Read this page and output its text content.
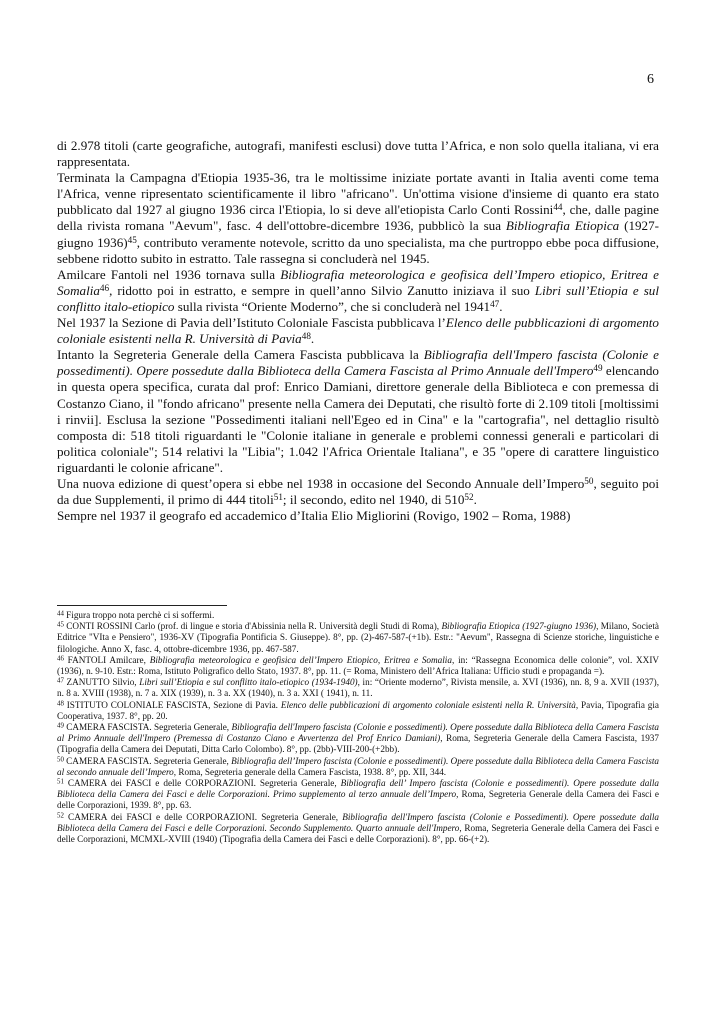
6

di 2.978 titoli (carte geografiche, autografi, manifesti esclusi) dove tutta l’Africa, e non solo quella italiana, vi era rappresentata.

Terminata la Campagna d'Etiopia 1935-36, tra le moltissime iniziate portate avanti in Italia aventi come tema l'Africa, venne ripresentato scientificamente il libro "africano". Un'ottima visione d'insieme di quanto era stato pubblicato dal 1927 al giugno 1936 circa l'Etiopia, lo si deve all'etiopista Carlo Conti Rossini$^{44}$, che, dalle pagine della rivista romana "Aevum", fasc. 4 dell'ottobre-dicembre 1936, pubblicò la sua Bibliografia Etiopica (1927-giugno 1936)$^{45}$, contributo veramente notevole, scritto da uno specialista, ma che purtroppo ebbe poca diffusione, sebbene ridotto subito in estratto. Tale rassegna si concluderà nel 1945.

Amilcare Fantoli nel 1936 tornava sulla Bibliografia meteorologica e geofisica dell’Impero etiopico, Eritrea e Somalia$^{46}$, ridotto poi in estratto, e sempre in quell’anno Silvio Zanutto iniziava il suo Libri sull’Etiopia e sul conflitto italo-etiopico sulla rivista “Oriente Moderno”, che si concluderà nel 1941$^{47}$.

Nel 1937 la Sezione di Pavia dell’Istituto Coloniale Fascista pubblicava l’Elenco delle pubblicazioni di argomento coloniale esistenti nella R. Università di Pavia$^{48}$.

Intanto la Segreteria Generale della Camera Fascista pubblicava la Bibliografia dell'Impero fascista (Colonie e possedimenti). Opere possedute dalla Biblioteca della Camera Fascista al Primo Annuale dell'Impero$^{49}$ elencando in questa opera specifica, curata dal prof: Enrico Damiani, direttore generale della Biblioteca e con premessa di Costanzo Ciano, il "fondo africano" presente nella Camera dei Deputati, che risultò forte di 2.109 titoli [moltissimi i rinvii]. Esclusa la sezione "Possedimenti italiani nell'Egeo ed in Cina" e la "cartografia", nel dettaglio risultò composta di: 518 titoli riguardanti le "Colonie italiane in generale e problemi connessi generali e particolari di politica coloniale"; 514 relativi la "Libia"; 1.042 l'Africa Orientale Italiana", e 35 "opere di carattere linguistico riguardanti le colonie africane".

Una nuova edizione di quest’opera si ebbe nel 1938 in occasione del Secondo Annuale dell’Impero$^{50}$, seguito poi da due Supplementi, il primo di 444 titoli$^{51}$; il secondo, edito nel 1940, di $510^{52}$.

Sempre nel 1937 il geografo ed accademico d’Italia Elio Migliorini (Rovigo, 1902 – Roma, 1988)

$^{44}$ Figura troppo nota perchè ci si soffermi.

$^{45}$ CONTI ROSSINI Carlo (prof. di lingue e storia d'Abissinia nella R. Università degli Studi di Roma), Bibliografia Etiopica (1927-giugno 1936), Milano, Società Editrice "VIta e Pensiero", 1936-XV (Tipografia Pontificia S. Giuseppe). 8°, pp. (2)-467-587-(+1b). Estr.: "Aevum", Rassegna di Scienze storiche, linguistiche e filologiche. Anno X, fasc. 4, ottobre-dicembre 1936, pp. 467-587.

$^{46}$ FANTOLI Amilcare, Bibliografia meteorologica e geofisica dell’Impero Etiopico, Eritrea e Somalia, in: “Rassegna Economica delle colonie”, vol. XXIV (1936), n. 9-10. Estr.: Roma, Istituto Poligrafico dello Stato, 1937. 8°, pp. 11. (= Roma, Ministero dell’Africa Italiana: Ufficio studi e propaganda =).

$^{47}$ ZANUTTO Silvio, Libri sull’Etiopia e sul conflitto italo-etiopico (1934-1940), in: “Oriente moderno”, Rivista mensile, a. XVI (1936), nn. 8, 9 a. XVII (1937), n. 8 a. XVIII (1938), n. 7 a. XIX (1939), n. 3 a. XX (1940), n. 3 a. XXI ( 1941), n. 11.

$^{48}$ ISTITUTO COLONIALE FASCISTA, Sezione di Pavia. Elenco delle pubblicazioni di argomento coloniale esistenti nella R. Università, Pavia, Tipografia gia Cooperativa, 1937. 8°, pp. 20.

$^{49}$ CAMERA FASCISTA. Segreteria Generale, Bibliografia dell'Impero fascista (Colonie e possedimenti). Opere possedute dalla Biblioteca della Camera Fascista al Primo Annuale dell'Impero (Premessa di Costanzo Ciano e Avvertenza del Prof Enrico Damiani), Roma, Segreteria Generale della Camera Fascista, 1937 (Tipografia della Camera dei Deputati, Ditta Carlo Colombo). 8°, pp. (2bb)-VIII-200-(+2bb).

$^{50}$ CAMERA FASCISTA. Segreteria Generale, Bibliografia dell’Impero fascista (Colonie e possedimenti). Opere possedute dalla Biblioteca della Camera Fascista al secondo annuale dell’Impero, Roma, Segreteria generale della Camera Fascista, 1938. 8°, pp. XII, 344.

$^{51}$ CAMERA dei FASCI e delle CORPORAZIONI. Segreteria Generale, Bibliografia dell’ Impero fascista (Colonie e possedimenti). Opere possedute dalla Biblioteca della Camera dei Fasci e delle Corporazioni. Primo supplemento al terzo annuale dell’Impero, Roma, Segreteria Generale della Camera dei Fasci e delle Corporazioni, 1939. 8°, pp. 63.

$^{52}$ CAMERA dei FASCI e delle CORPORAZIONI. Segreteria Generale, Bibliografia dell'Impero fascista (Colonie e Possedimenti). Opere possedute dalla Biblioteca della Camera dei Fasci e delle Corporazioni. Secondo Supplemento. Quarto annuale dell'Impero, Roma, Segreteria Generale della Camera dei Fasci e delle Corporazioni, MCMXL-XVIII (1940) (Tipografia della Camera dei Fasci e delle Corporazioni). 8°, pp. 66-(+2).
